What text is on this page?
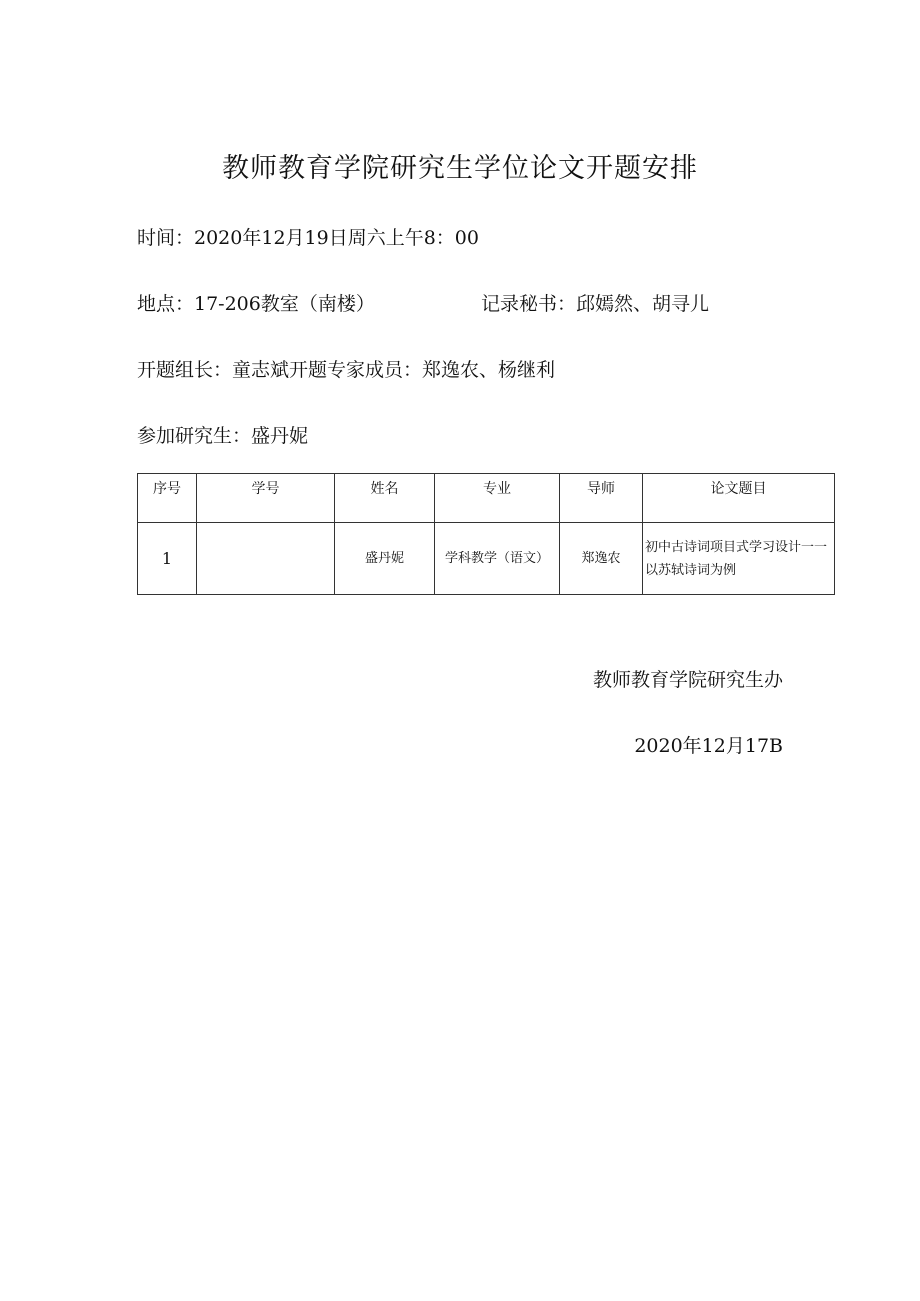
教师教育学院研究生学位论文开题安排
时间：2020年12月19日周六上午8：00
地点：17-206教室（南楼）	记录秘书：邱嫣然、胡寻儿
开题组长：童志斌开题专家成员：郑逸农、杨继利
参加研究生：盛丹妮
序号	学号	姓名	专业	导师	论文题目
1		盛丹妮	学科教学（语文）	郑逸农	初中古诗词项目式学习设计一一以苏轼诗词为例
教师教育学院研究生办
2020年12月17B
